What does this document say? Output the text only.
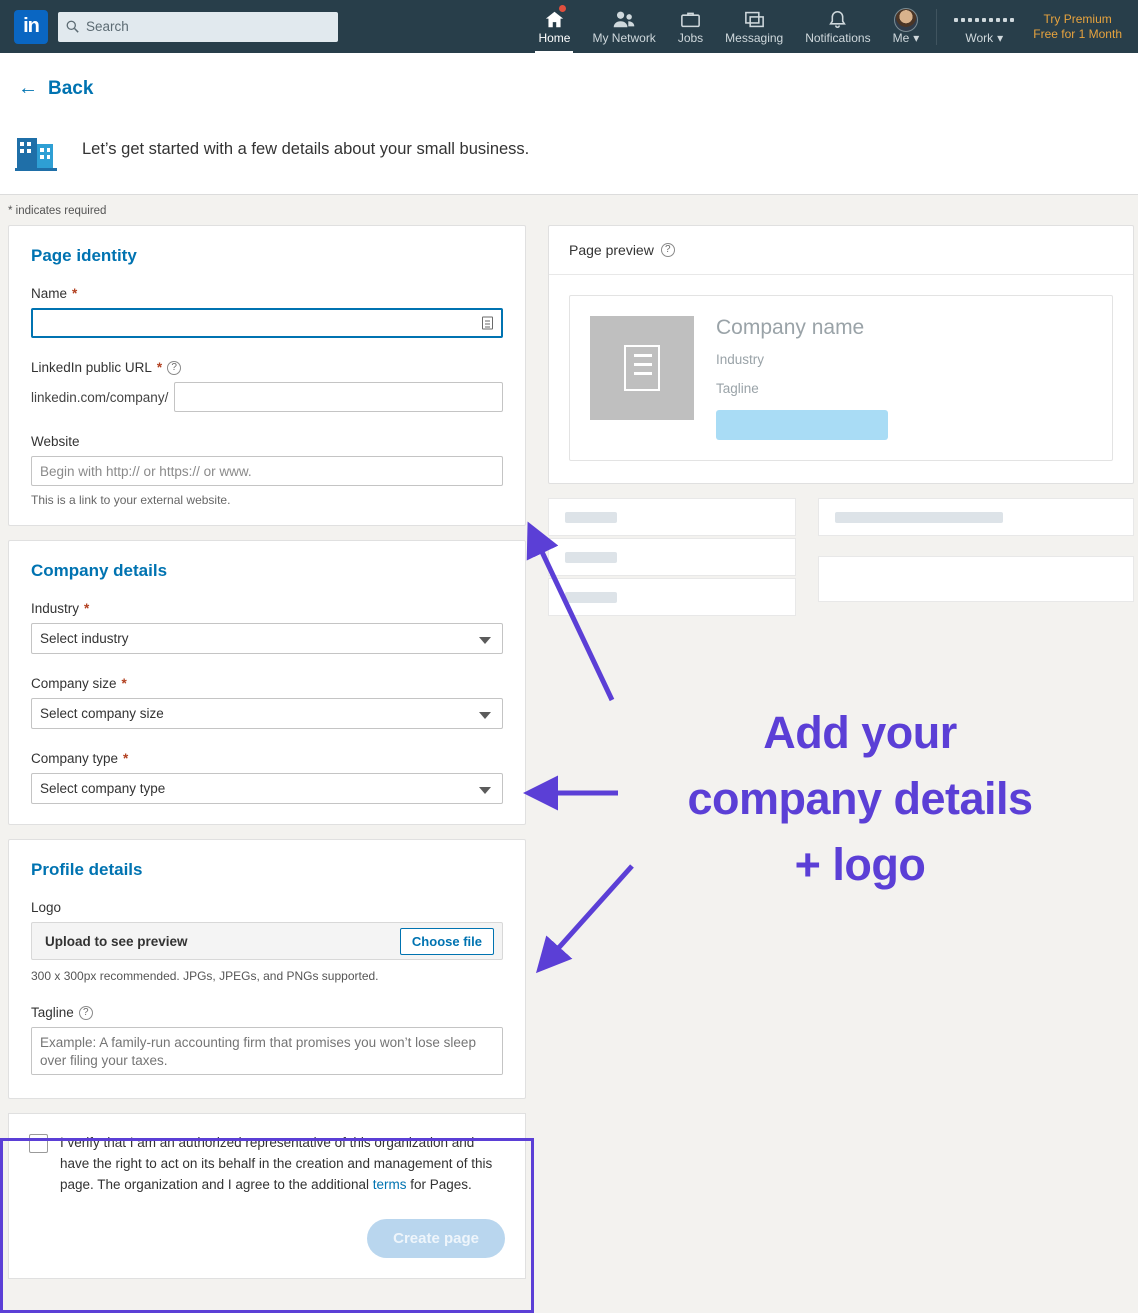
in	Search
Home My Network Jobs Messaging Notifications Me ▾	Work ▾
Try Premium
Free for 1 Month
← Back
Let’s get started with a few details about your small business.
* indicates required
Page identity
Name *
LinkedIn public URL * ?
linkedin.com/company/
Website
Begin with http:// or https:// or www.
This is a link to your external website.
Company details
Industry *
Select industry
Company size *
Select company size
Company type *
Select company type
Profile details
Logo
Upload to see preview	Choose file
300 x 300px recommended. JPGs, JPEGs, and PNGs supported.
Tagline ?
Example: A family-run accounting firm that promises you won’t lose sleep over filing your taxes.
I verify that I am an authorized representative of this organization and have the right to act on its behalf in the creation and management of this page. The organization and I agree to the additional terms for Pages.
Create page
Page preview	?
Company name
Industry
Tagline
Add your
company details
+ logo
